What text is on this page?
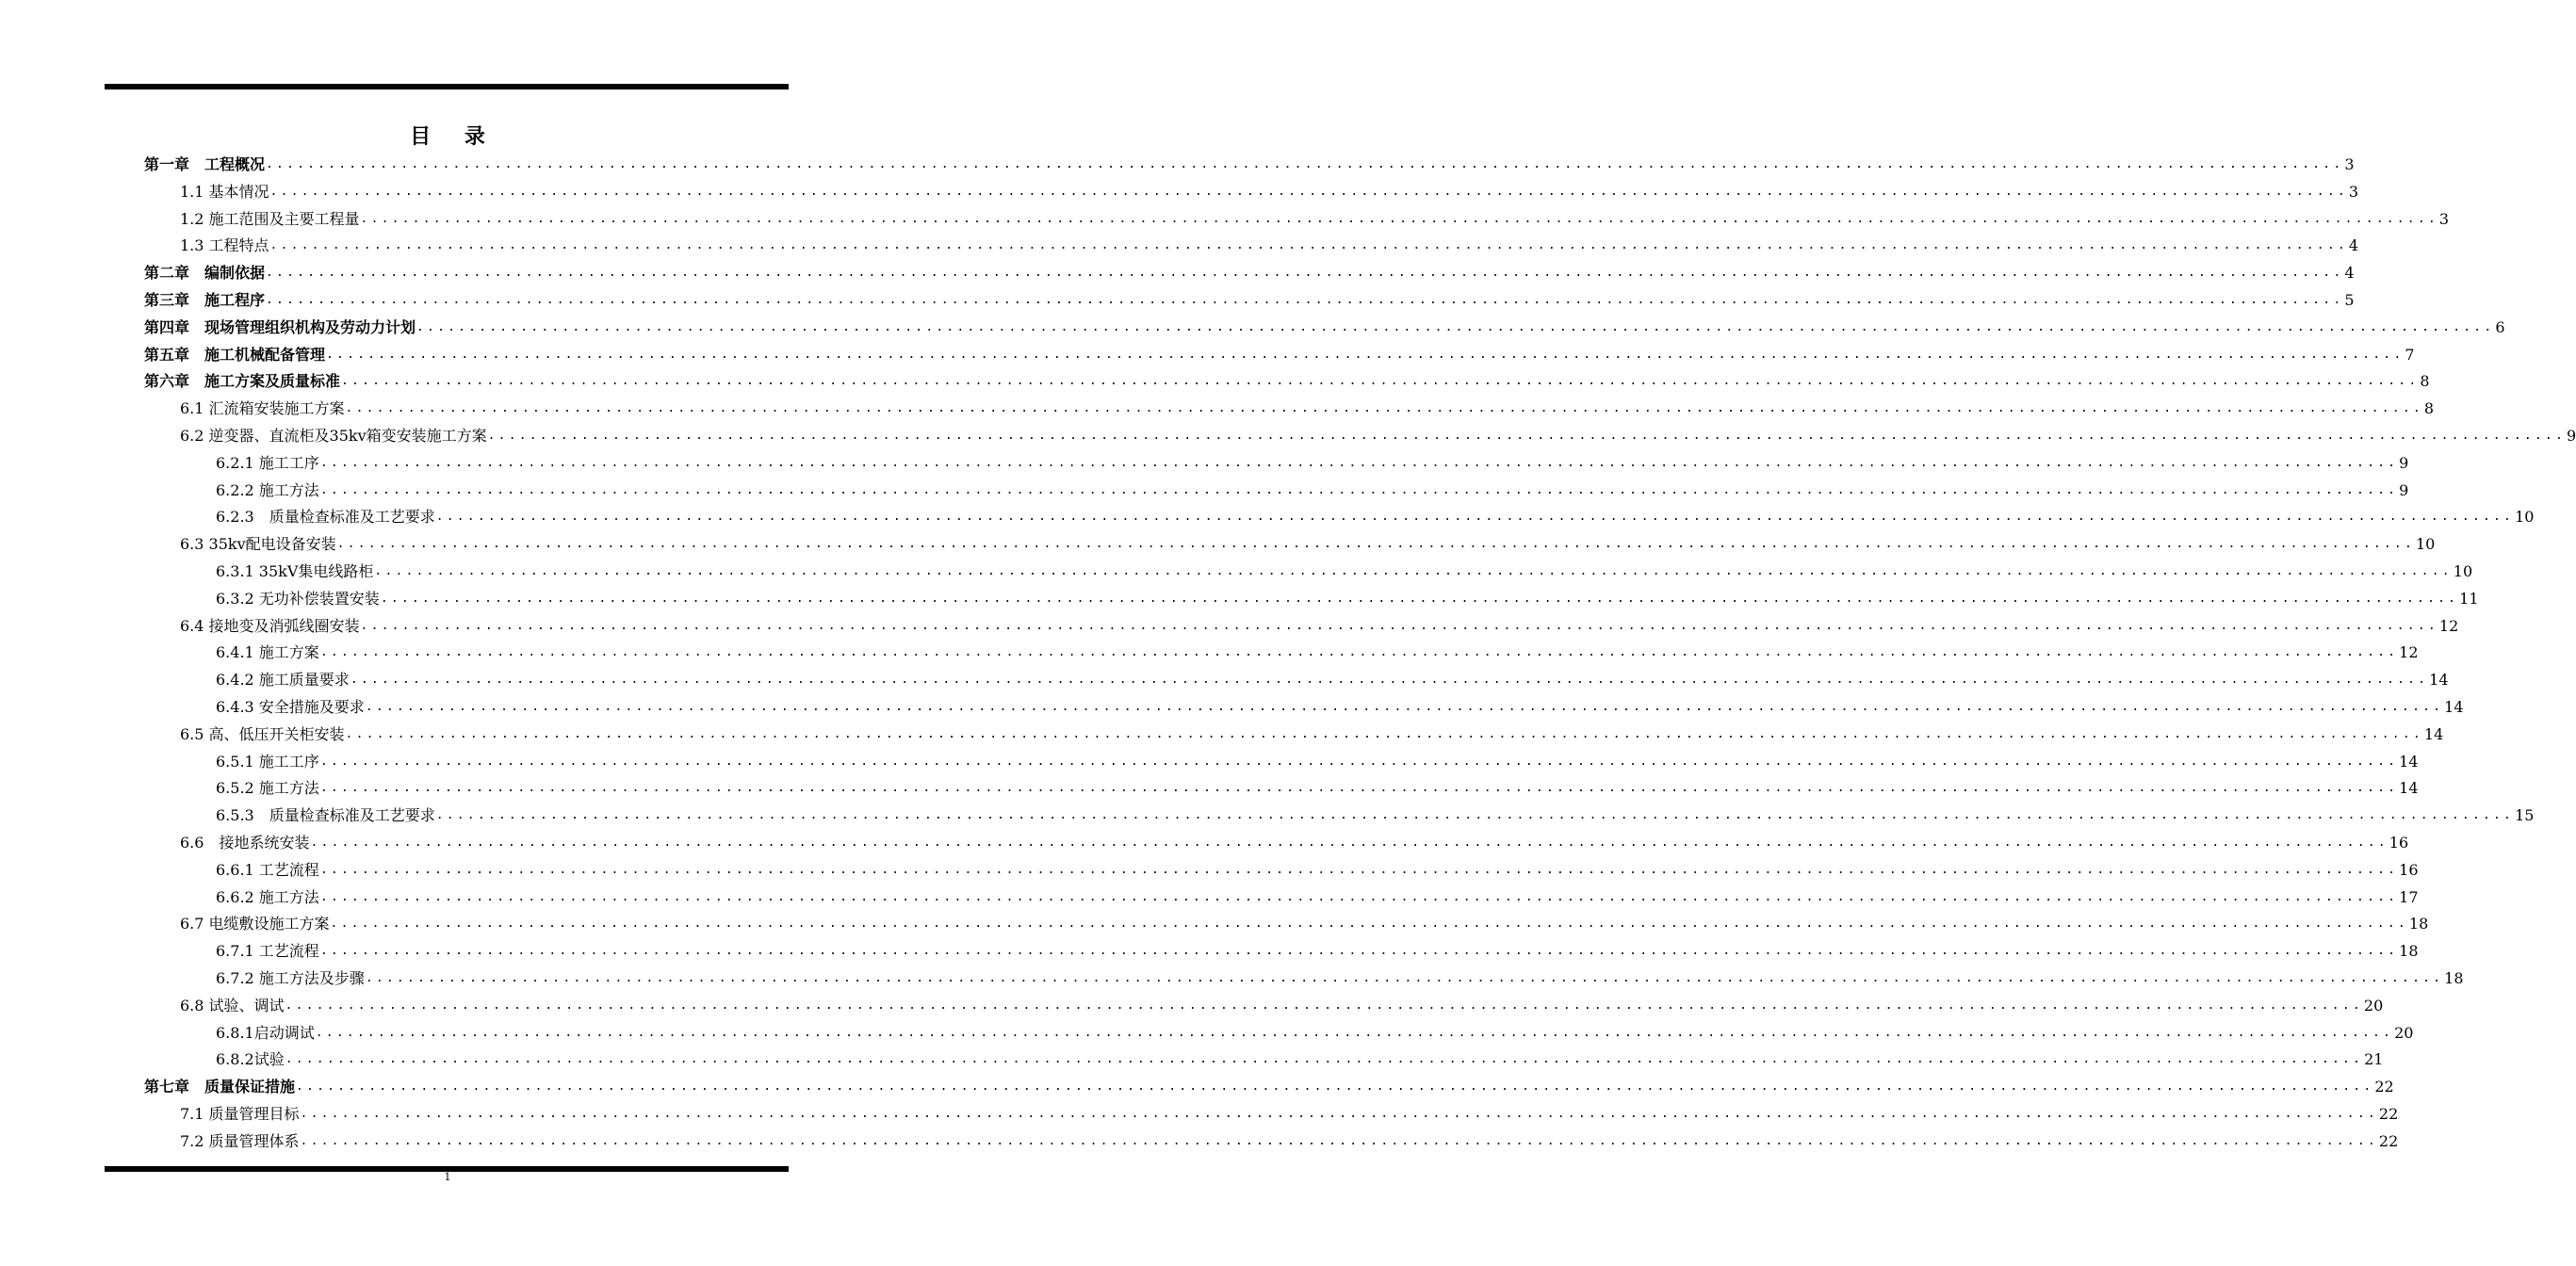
目 录
第一章　工程概况 ........................................................................................................................................................................................................ 3
1.1 基本情况 ........................................................................................................................................................................................................ 3
1.2 施工范围及主要工程量 ........................................................................................................................................................................................................ 3
1.3 工程特点 ........................................................................................................................................................................................................ 4
第二章　编制依据 ........................................................................................................................................................................................................ 4
第三章　施工程序 ........................................................................................................................................................................................................ 5
第四章　现场管理组织机构及劳动力计划 ........................................................................................................................................................................................................ 6
第五章　施工机械配备管理 ........................................................................................................................................................................................................ 7
第六章　施工方案及质量标准 ........................................................................................................................................................................................................ 8
6.1 汇流箱安装施工方案 ........................................................................................................................................................................................................ 8
6.2 逆变器、直流柜及35kv箱变安装施工方案 ........................................................................................................................................................................................................ 9
6.2.1 施工工序 ........................................................................................................................................................................................................ 9
6.2.2 施工方法 ........................................................................................................................................................................................................ 9
6.2.3　质量检查标准及工艺要求 ........................................................................................................................................................................................................ 10
6.3 35kv配电设备安装 ........................................................................................................................................................................................................ 10
6.3.1 35kV集电线路柜 ........................................................................................................................................................................................................ 10
6.3.2 无功补偿装置安装 ........................................................................................................................................................................................................ 11
6.4 接地变及消弧线圈安装 ........................................................................................................................................................................................................ 12
6.4.1 施工方案 ........................................................................................................................................................................................................ 12
6.4.2 施工质量要求 ........................................................................................................................................................................................................ 14
6.4.3 安全措施及要求 ........................................................................................................................................................................................................ 14
6.5 高、低压开关柜安装 ........................................................................................................................................................................................................ 14
6.5.1 施工工序 ........................................................................................................................................................................................................ 14
6.5.2 施工方法 ........................................................................................................................................................................................................ 14
6.5.3　质量检查标准及工艺要求 ........................................................................................................................................................................................................ 15
6.6　接地系统安装 ........................................................................................................................................................................................................ 16
6.6.1 工艺流程 ........................................................................................................................................................................................................ 16
6.6.2 施工方法 ........................................................................................................................................................................................................ 17
6.7 电缆敷设施工方案 ........................................................................................................................................................................................................ 18
6.7.1 工艺流程 ........................................................................................................................................................................................................ 18
6.7.2 施工方法及步骤 ........................................................................................................................................................................................................ 18
6.8 试验、调试 ........................................................................................................................................................................................................ 20
6.8.1启动调试 ........................................................................................................................................................................................................ 20
6.8.2试验 ........................................................................................................................................................................................................ 21
第七章　质量保证措施 ........................................................................................................................................................................................................ 22
7.1 质量管理目标 ........................................................................................................................................................................................................ 22
7.2 质量管理体系 ........................................................................................................................................................................................................ 22
1
